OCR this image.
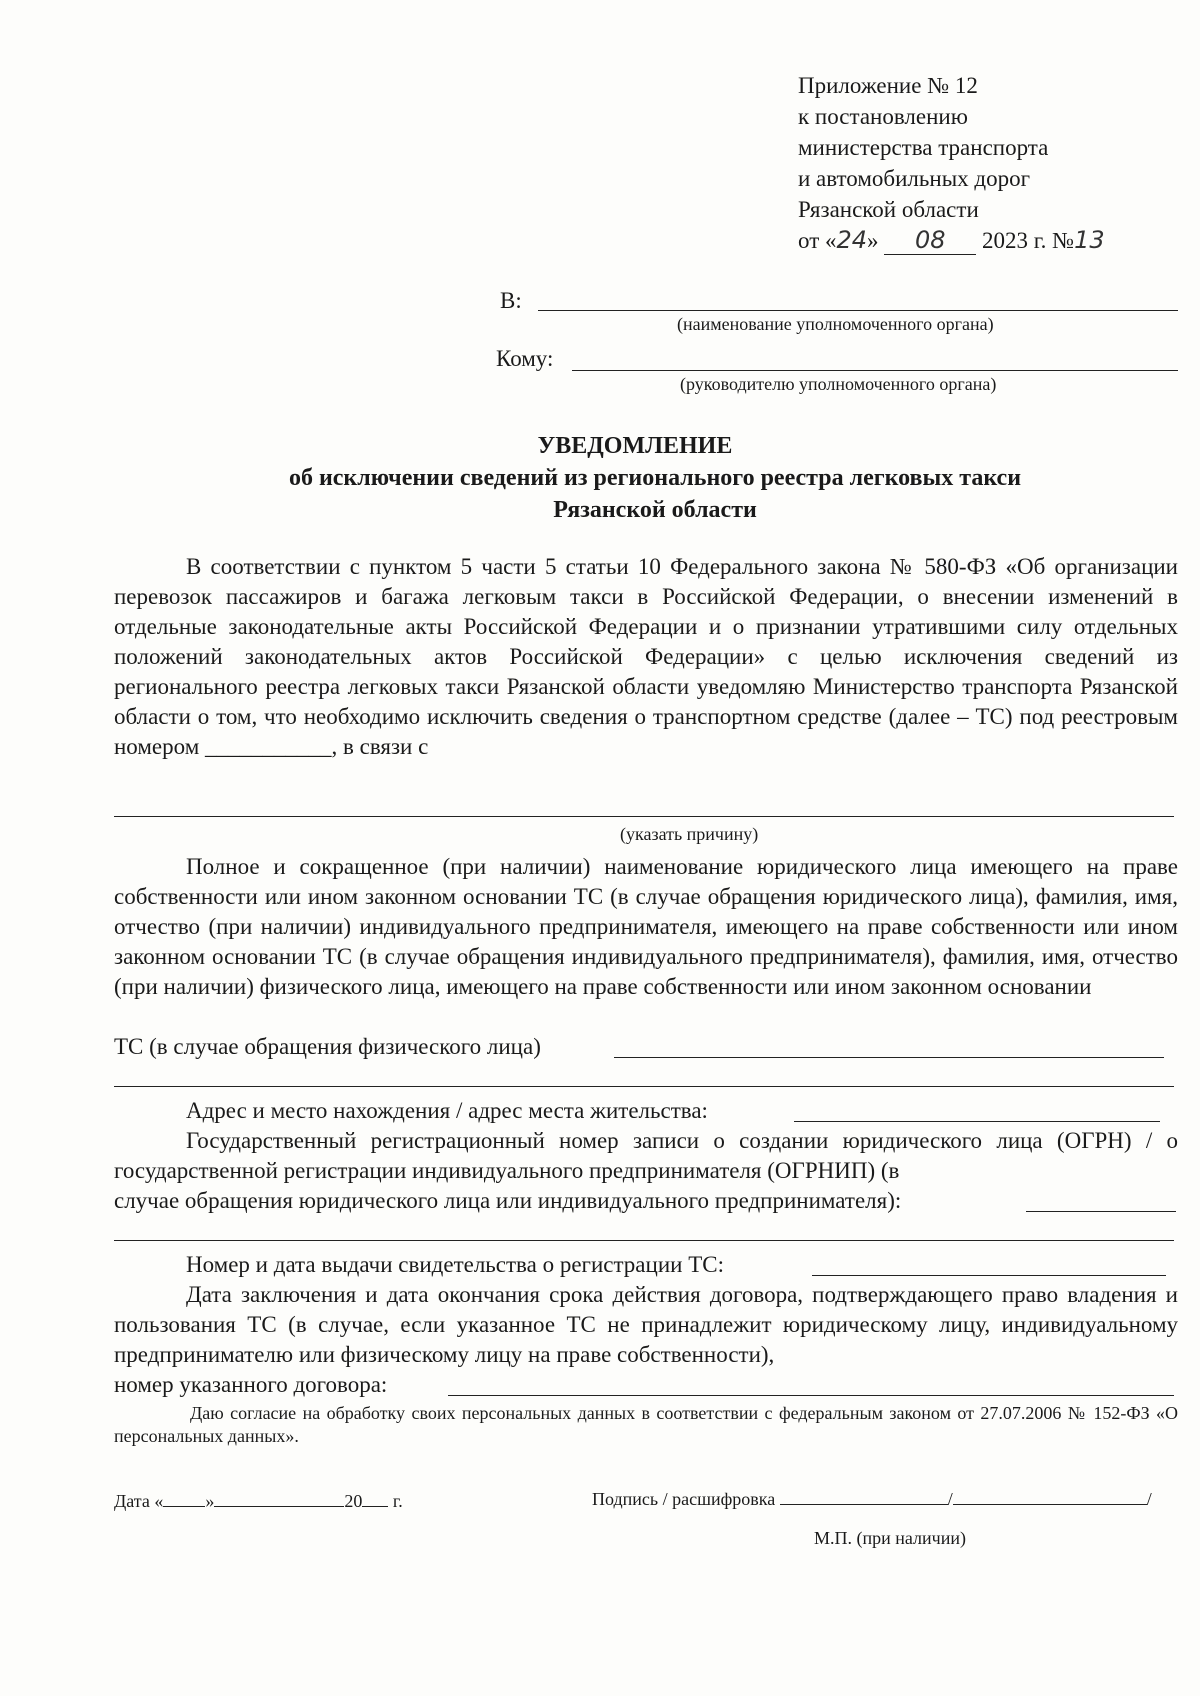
Приложение № 12
к постановлению
министерства транспорта
и автомобильных дорог
Рязанской области
от «24» 08 2023 г. №13
В:
(наименование уполномоченного органа)
Кому:
(руководителю уполномоченного органа)
УВЕДОМЛЕНИЕ
об исключении сведений из регионального реестра легковых такси
Рязанской области
В соответствии с пунктом 5 части 5 статьи 10 Федерального закона № 580-ФЗ «Об организации перевозок пассажиров и багажа легковым такси в Российской Федерации, о внесении изменений в отдельные законодательные акты Российской Федерации и о признании утратившими силу отдельных положений законодательных актов Российской Федерации» с целью исключения сведений из регионального реестра легковых такси Рязанской области уведомляю Министерство транспорта Рязанской области о том, что необходимо исключить сведения о транспортном средстве (далее – ТС) под реестровым номером ___________, в связи с
(указать причину)
Полное и сокращенное (при наличии) наименование юридического лица имеющего на праве собственности или ином законном основании ТС (в случае обращения юридического лица), фамилия, имя, отчество (при наличии) индивидуального предпринимателя, имеющего на праве собственности или ином законном основании ТС (в случае обращения индивидуального предпринимателя), фамилия, имя, отчество (при наличии) физического лица, имеющего на праве собственности или ином законном основании
ТС (в случае обращения физического лица)
Адрес и место нахождения / адрес места жительства:
Государственный регистрационный номер записи о создании юридического лица (ОГРН) / о государственной регистрации индивидуального предпринимателя (ОГРНИП) (в
случае обращения юридического лица или индивидуального предпринимателя):
Номер и дата выдачи свидетельства о регистрации ТС:
Дата заключения и дата окончания срока действия договора, подтверждающего право владения и пользования ТС (в случае, если указанное ТС не принадлежит юридическому лицу, индивидуальному предпринимателю или физическому лицу на праве собственности),
номер указанного договора:
Даю согласие на обработку своих персональных данных в соответствии с федеральным законом от 27.07.2006 № 152-ФЗ «О персональных данных».
Дата « »	20 г.	Подпись / расшифровка	/	/
М.П. (при наличии)
